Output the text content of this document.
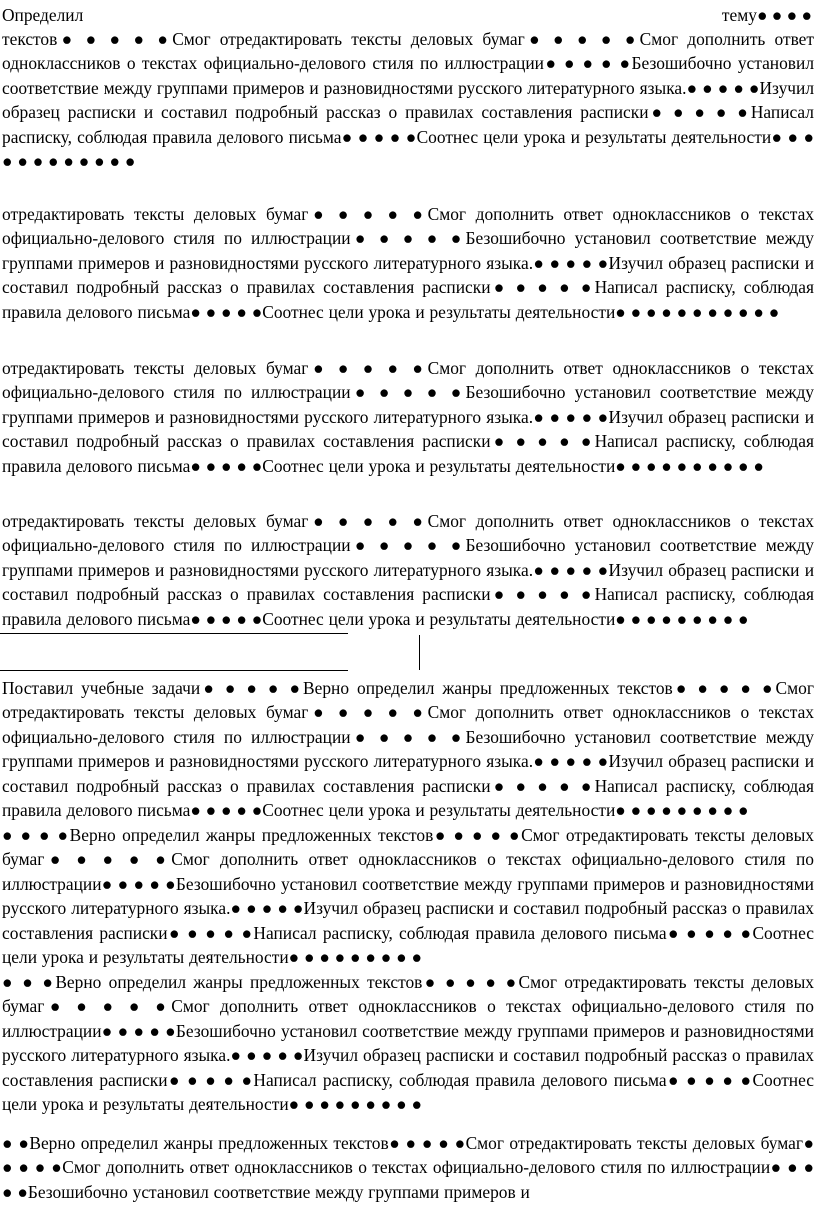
Определил	тему● ● ● ●
текстов● ● ● ● ●Смог отредактировать тексты деловых бумаг● ● ● ● ●Смог дополнить ответ одноклассников о текстах официально-делового стиля по иллюстрации● ● ● ● ●Безошибочно установил соответствие между группами примеров и разновидностями русского литературного языка.● ● ● ● ●Изучил образец расписки и составил подробный рассказ о правилах составления расписки● ● ● ● ●Написал расписку, соблюдая правила делового письма● ● ● ● ●Соотнес цели урока и результаты деятельности● ● ● ● ● ● ● ● ● ● ● ●
отредактировать тексты деловых бумаг● ● ● ● ●Смог дополнить ответ одноклассников о текстах официально-делового стиля по иллюстрации● ● ● ● ●Безошибочно установил соответствие между группами примеров и разновидностями русского литературного языка.● ● ● ● ●Изучил образец расписки и составил подробный рассказ о правилах составления расписки● ● ● ● ●Написал расписку, соблюдая правила делового письма● ● ● ● ●Соотнес цели урока и результаты деятельности● ● ● ● ● ● ● ● ● ● ●
отредактировать тексты деловых бумаг● ● ● ● ●Смог дополнить ответ одноклассников о текстах официально-делового стиля по иллюстрации● ● ● ● ●Безошибочно установил соответствие между группами примеров и разновидностями русского литературного языка.● ● ● ● ●Изучил образец расписки и составил подробный рассказ о правилах составления расписки● ● ● ● ●Написал расписку, соблюдая правила делового письма● ● ● ● ●Соотнес цели урока и результаты деятельности● ● ● ● ● ● ● ● ● ●
отредактировать тексты деловых бумаг● ● ● ● ●Смог дополнить ответ одноклассников о текстах официально-делового стиля по иллюстрации● ● ● ● ●Безошибочно установил соответствие между группами примеров и разновидностями русского литературного языка.● ● ● ● ●Изучил образец расписки и составил подробный рассказ о правилах составления расписки● ● ● ● ●Написал расписку, соблюдая правила делового письма● ● ● ● ●Соотнес цели урока и результаты деятельности● ● ● ● ● ● ● ● ●
Поставил учебные задачи● ● ● ● ●Верно определил жанры предложенных текстов● ● ● ● ●Смог отредактировать тексты деловых бумаг● ● ● ● ●Смог дополнить ответ одноклассников о текстах официально-делового стиля по иллюстрации● ● ● ● ●Безошибочно установил соответствие между группами примеров и разновидностями русского литературного языка.● ● ● ● ●Изучил образец расписки и составил подробный рассказ о правилах составления расписки● ● ● ● ●Написал расписку, соблюдая правила делового письма● ● ● ● ●Соотнес цели урока и результаты деятельности● ● ● ● ● ● ● ● ●
● ● ● ●Верно определил жанры предложенных текстов● ● ● ● ●Смог отредактировать тексты деловых бумаг● ● ● ● ●Смог дополнить ответ одноклассников о текстах официально-делового стиля по иллюстрации● ● ● ● ●Безошибочно установил соответствие между группами примеров и разновидностями русского литературного языка.● ● ● ● ●Изучил образец расписки и составил подробный рассказ о правилах составления расписки● ● ● ● ●Написал расписку, соблюдая правила делового письма● ● ● ● ●Соотнес цели урока и результаты деятельности● ● ● ● ● ● ● ● ●
● ● ●Верно определил жанры предложенных текстов● ● ● ● ●Смог отредактировать тексты деловых бумаг● ● ● ● ●Смог дополнить ответ одноклассников о текстах официально-делового стиля по иллюстрации● ● ● ● ●Безошибочно установил соответствие между группами примеров и разновидностями русского литературного языка.● ● ● ● ●Изучил образец расписки и составил подробный рассказ о правилах составления расписки● ● ● ● ●Написал расписку, соблюдая правила делового письма● ● ● ● ●Соотнес цели урока и результаты деятельности● ● ● ● ● ● ● ● ●
● ●Верно определил жанры предложенных текстов● ● ● ● ●Смог отредактировать тексты деловых бумаг● ● ● ● ●Смог дополнить ответ одноклассников о текстах официально-делового стиля по иллюстрации● ● ● ● ●Безошибочно установил соответствие между группами примеров и
